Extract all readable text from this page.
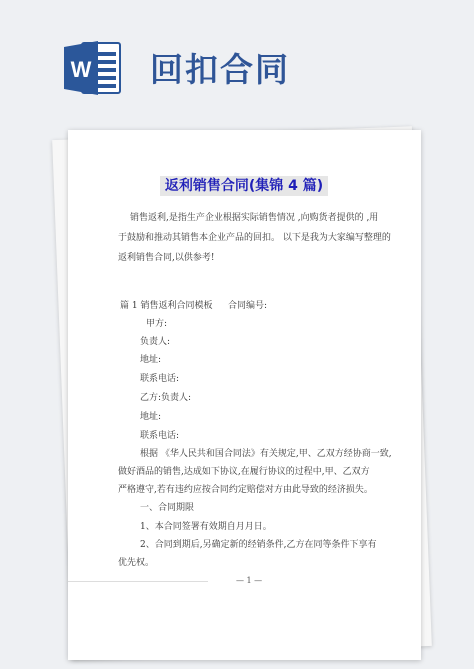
W 回扣合同
返利销售合同(集锦 4 篇)
销售返利,是指生产企业根据实际销售情况 ,向购货者提供的 ,用
于鼓励和推动其销售本企业产品的回扣。 以下是我为大家编写整理的
返利销售合同,以供参考!
篇 1 销售返利合同模板 合同编号:
甲方:
负责人:
地址:
联系电话:
乙方:负责人:
地址:
联系电话:
根据 《华人民共和国合同法》有关规定,甲、乙双方经协商一致,
做好酒品的销售,达成如下协议,在履行协议的过程中,甲、乙双方
严格遵守,若有违约应按合同约定赔偿对方由此导致的经济损失。
一、合同期限
1、本合同签署有效期自月月日。
2、合同到期后,另确定新的经销条件,乙方在同等条件下享有
优先权。
— 1 —
